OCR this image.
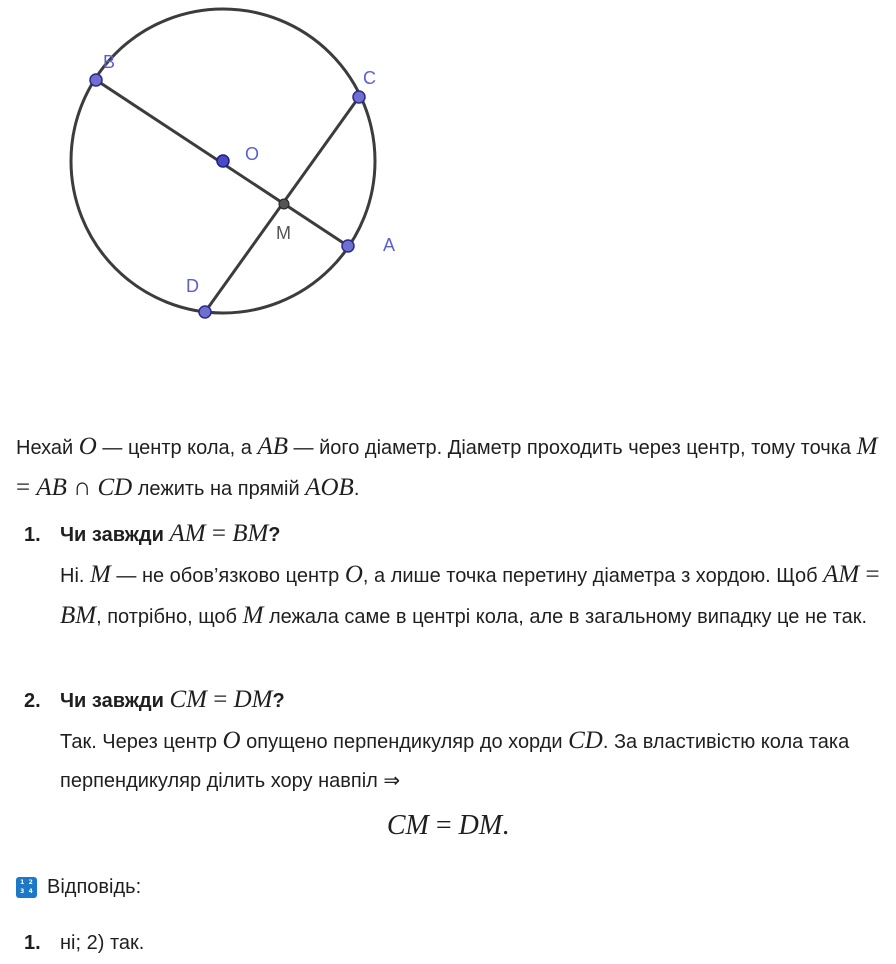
B
C
O
M
A
D
Нехай O — центр кола, а AB — його діаметр. Діаметр проходить через центр, тому точка M = AB ∩ CD лежить на прямій AOB.
1. Чи завжди AM = BM?
Ні. M — не обов’язково центр O, а лише точка перетину діаметра з хордою. Щоб AM = BM, потрібно, щоб M лежала саме в центрі кола, але в загальному випадку це не так.
2. Чи завжди CM = DM?
Так. Через центр O опущено перпендикуляр до хорди CD. За властивістю кола така перпендикуляр ділить хору навпіл ⇒
CM = DM.
1 2
3 4 Відповідь:
1. ні; 2) так.
